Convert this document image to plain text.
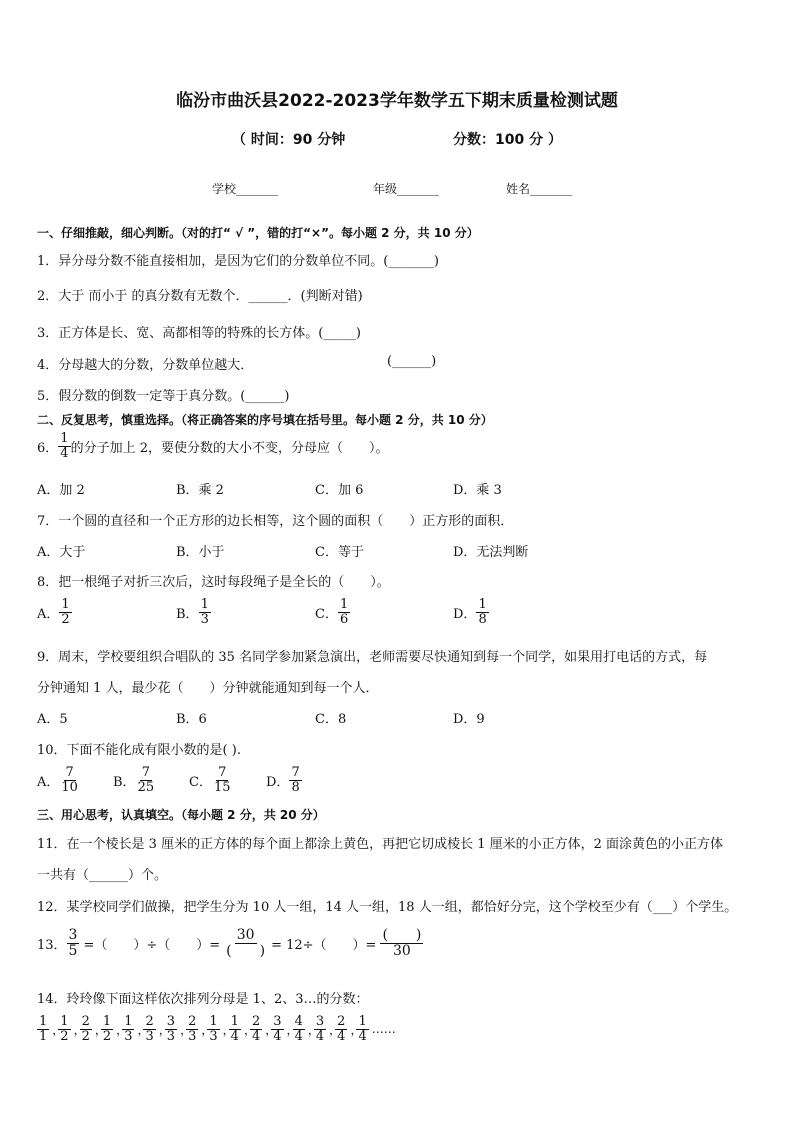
临汾市曲沃县2022-2023学年数学五下期末质量检测试题
（ 时间：90 分钟	分数：100 分 ）
学校_______	年级_______	姓名_______
一、仔细推敲，细心判断。（对的打“ √ ”，错的打“×”。每小题 2 分，共 10 分）
1．异分母分数不能直接相加，是因为它们的分数单位不同。(_______)
2．大于 而小于 的真分数有无数个．______．(判断对错)
3．正方体是长、宽、高都相等的特殊的长方体。(_____)
4．分母越大的分数，分数单位越大．	(______)
5．假分数的倒数一定等于真分数。(______)
二、反复思考，慎重选择。（将正确答案的序号填在括号里。每小题 2 分，共 10 分）
6． $\frac{1}{4}$ 的分子加上 2，要使分数的大小不变，分母应（　　）。
A．加 2	B．乘 2	C．加 6	D．乘 3
7．一个圆的直径和一个正方形的边长相等，这个圆的面积（　　）正方形的面积．
A．大于	B．小于	C．等于	D．无法判断
8．把一根绳子对折三次后，这时每段绳子是全长的（　　）。
A． $\frac{1}{2}$	B． $\frac{1}{3}$	C． $\frac{1}{6}$	D． $\frac{1}{8}$
9．周末，学校要组织合唱队的 35 名同学参加紧急演出，老师需要尽快通知到每一个同学，如果用打电话的方式，每
分钟通知 1 人，最少花（　　）分钟就能通知到每一个人．
A．5	B．6	C．8	D．9
10．下面不能化成有限小数的是( ).
A． $\frac{7}{10}$	B． $\frac{7}{25}$	C． $\frac{7}{15}$	D． $\frac{7}{8}$
三、用心思考，认真填空。（每小题 2 分，共 20 分）
11．在一个棱长是 3 厘米的正方体的每个面上都涂上黄色，再把它切成棱长 1 厘米的小正方体，2 面涂黄色的小正方体
一共有（______）个。
12．某学校同学们做操，把学生分为 10 人一组，14 人一组，18 人一组，都恰好分完，这个学校至少有（___）个学生。
13． $\frac{3}{5}$ =（　　）÷（　　）= $\frac{30}{( )} = 12\div$（　　）= $\frac{( )}{30}$
14．玲玲像下面这样依次排列分母是 1、2、3…的分数：
$\frac{1}{1}$ ，
$\frac{1}{2}$ ，
$\frac{2}{2}$ ，
$\frac{1}{2}$ ，
$\frac{1}{3}$ ，
$\frac{2}{3}$ ，
$\frac{3}{3}$ ，
$\frac{2}{3}$ ，
$\frac{1}{3}$ ，
$\frac{1}{4}$ ，
$\frac{2}{4}$ ，
$\frac{3}{4}$ ，
$\frac{4}{4}$ ，
$\frac{3}{4}$ ，
$\frac{2}{4}$ ，
$\frac{1}{4}$ ……
